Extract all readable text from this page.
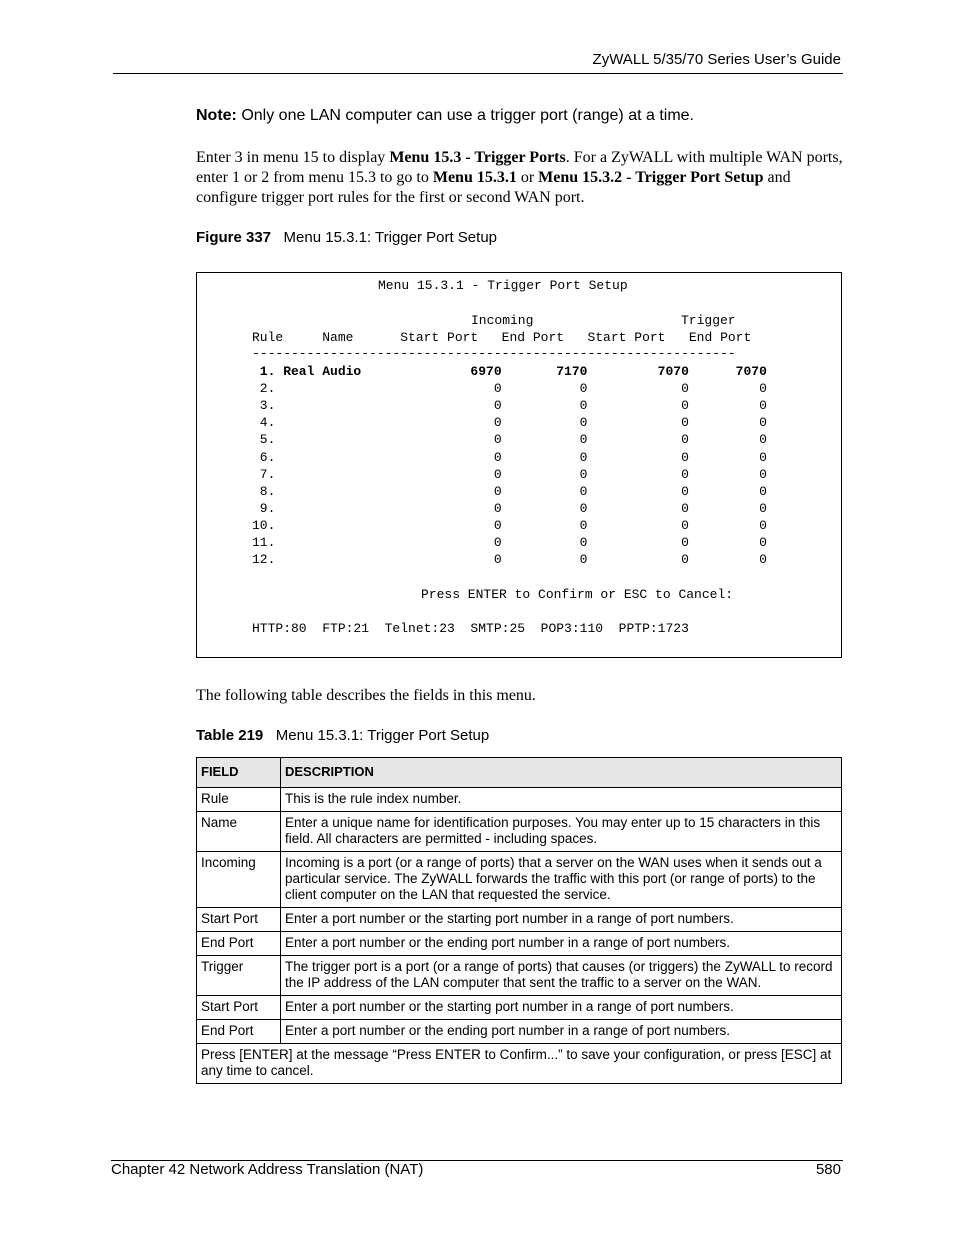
ZyWALL 5/35/70 Series User’s Guide
Note: Only one LAN computer can use a trigger port (range) at a time.
Enter 3 in menu 15 to display Menu 15.3 - Trigger Ports. For a ZyWALL with multiple WAN ports, enter 1 or 2 from menu 15.3 to go to Menu 15.3.1 or Menu 15.3.2 - Trigger Port Setup and configure trigger port rules for the first or second WAN port.
Figure 337 Menu 15.3.1: Trigger Port Setup
Menu 15.3.1 - Trigger Port Setup
Incoming	Trigger
Rule     Name      Start Port   End Port   Start Port   End Port
--------------------------------------------------------------
1. Real Audio              6970       7170         7070      7070
2.                            0          0            0         0
3.                            0          0            0         0
4.                            0          0            0         0
5.                            0          0            0         0
6.                            0          0            0         0
7.                            0          0            0         0
8.                            0          0            0         0
9.                            0          0            0         0
10.                            0          0            0         0
11.                            0          0            0         0
12.                            0          0            0         0
Press ENTER to Confirm or ESC to Cancel:
HTTP:80  FTP:21  Telnet:23  SMTP:25  POP3:110  PPTP:1723
The following table describes the fields in this menu.
Table 219 Menu 15.3.1: Trigger Port Setup
FIELD	DESCRIPTION
Rule	This is the rule index number.
Name	Enter a unique name for identification purposes. You may enter up to 15 characters in this field. All characters are permitted - including spaces.
Incoming	Incoming is a port (or a range of ports) that a server on the WAN uses when it sends out a particular service. The ZyWALL forwards the traffic with this port (or range of ports) to the client computer on the LAN that requested the service.
Start Port	Enter a port number or the starting port number in a range of port numbers.
End Port	Enter a port number or the ending port number in a range of port numbers.
Trigger	The trigger port is a port (or a range of ports) that causes (or triggers) the ZyWALL to record the IP address of the LAN computer that sent the traffic to a server on the WAN.
Start Port	Enter a port number or the starting port number in a range of port numbers.
End Port	Enter a port number or the ending port number in a range of port numbers.
Press [ENTER] at the message “Press ENTER to Confirm...” to save your configuration, or press [ESC] at any time to cancel.	
Chapter 42 Network Address Translation (NAT)	580
